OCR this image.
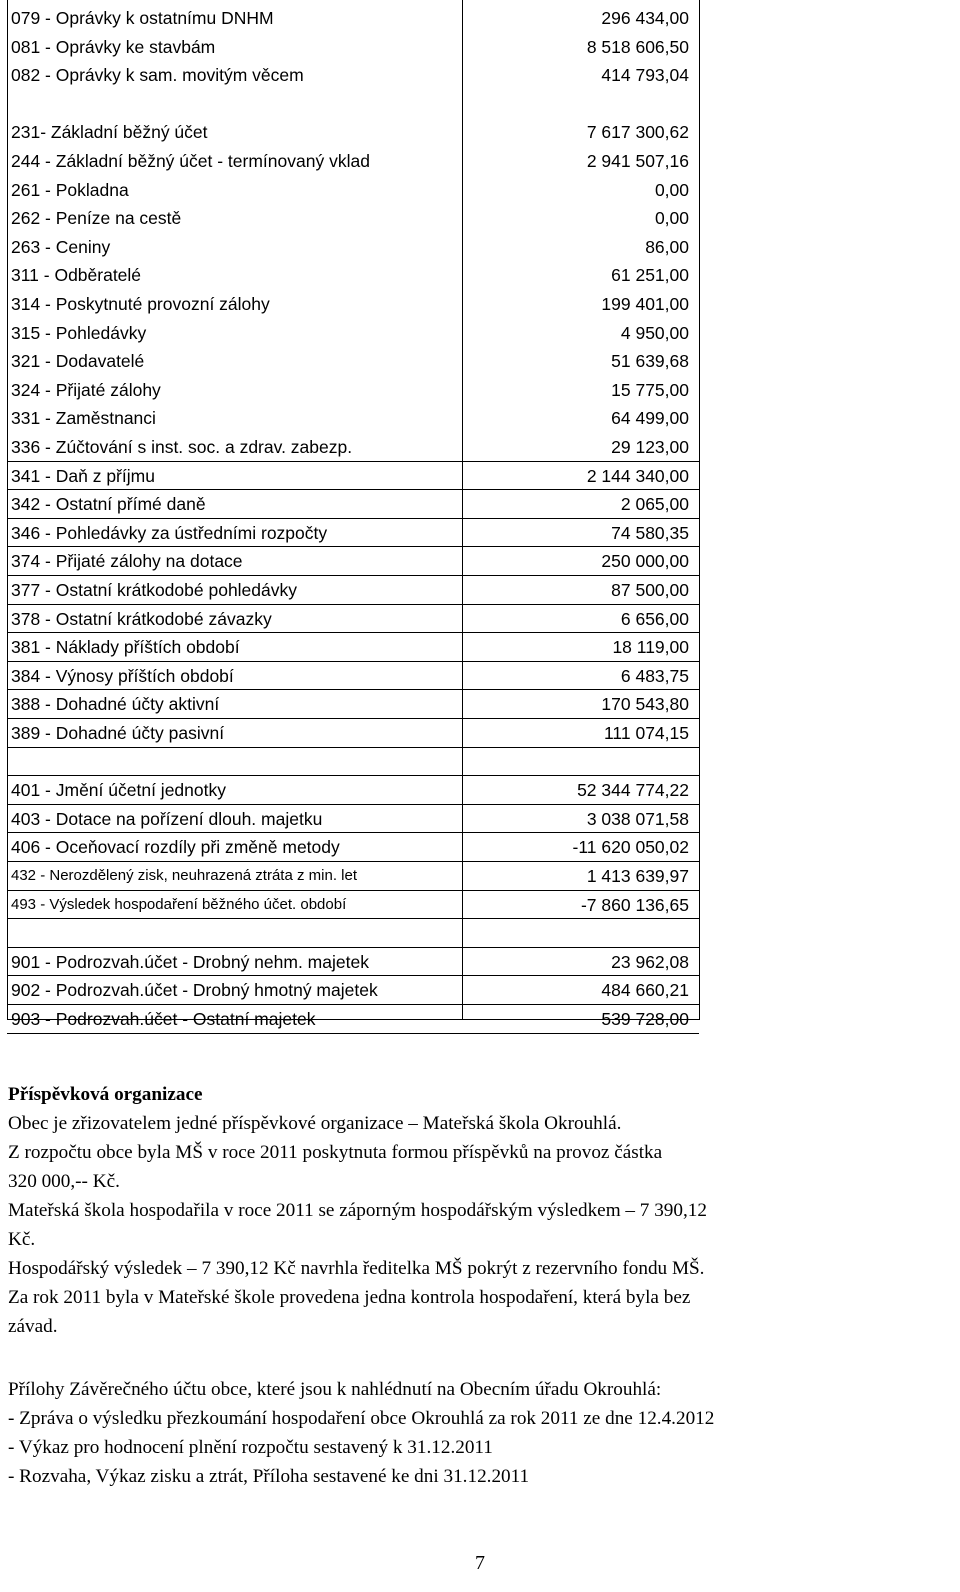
079 - Oprávky k ostatnímu DNHM	296 434,00
081 - Oprávky ke stavbám	8 518 606,50
082 - Oprávky k sam. movitým věcem	414 793,04
231- Základní běžný účet	7 617 300,62
244 - Základní běžný účet - termínovaný vklad	2 941 507,16
261 - Pokladna	0,00
262 - Peníze na cestě	0,00
263 - Ceniny	86,00
311 - Odběratelé	61 251,00
314 - Poskytnuté provozní zálohy	199 401,00
315 - Pohledávky	4 950,00
321 - Dodavatelé	51 639,68
324 - Přijaté zálohy	15 775,00
331 - Zaměstnanci	64 499,00
336 - Zúčtování s inst. soc. a zdrav. zabezp.	29 123,00
341 - Daň z příjmu	2 144 340,00
342 - Ostatní přímé daně	2 065,00
346 - Pohledávky za ústředními rozpočty	74 580,35
374 - Přijaté zálohy na dotace	250 000,00
377 - Ostatní krátkodobé pohledávky	87 500,00
378 - Ostatní krátkodobé závazky	6 656,00
381 - Náklady příštích období	18 119,00
384 - Výnosy příštích období	6 483,75
388 - Dohadné účty aktivní	170 543,80
389 - Dohadné účty pasivní	111 074,15
401 - Jmění účetní jednotky	52 344 774,22
403 - Dotace na pořízení dlouh. majetku	3 038 071,58
406 - Oceňovací rozdíly při změně metody	-11 620 050,02
432 - Nerozdělený zisk, neuhrazená ztráta z min. let	1 413 639,97
493 - Výsledek hospodaření běžného účet. období	-7 860 136,65
901 - Podrozvah.účet - Drobný nehm. majetek	23 962,08
902 - Podrozvah.účet - Drobný hmotný majetek	484 660,21
903 - Podrozvah.účet - Ostatní majetek	539 728,00

Příspěvková organizace

Obec je zřizovatelem jedné příspěvkové organizace – Mateřská škola Okrouhlá.

Z rozpočtu obce byla MŠ v roce 2011 poskytnuta formou příspěvků na provoz částka

320 000,-- Kč.

Mateřská škola hospodařila v roce 2011 se záporným hospodářským výsledkem – 7 390,12

Kč.

Hospodářský výsledek – 7 390,12 Kč navrhla ředitelka MŠ pokrýt z rezervního fondu MŠ.

Za rok 2011 byla v Mateřské škole provedena jedna kontrola hospodaření, která byla bez

závad.

Přílohy Závěrečného účtu obce, které jsou k nahlédnutí na Obecním úřadu Okrouhlá:

- Zpráva o výsledku přezkoumání hospodaření obce Okrouhlá za rok 2011 ze dne 12.4.2012

- Výkaz pro hodnocení plnění rozpočtu sestavený k 31.12.2011

- Rozvaha, Výkaz zisku a ztrát, Příloha sestavené ke dni 31.12.2011

7
